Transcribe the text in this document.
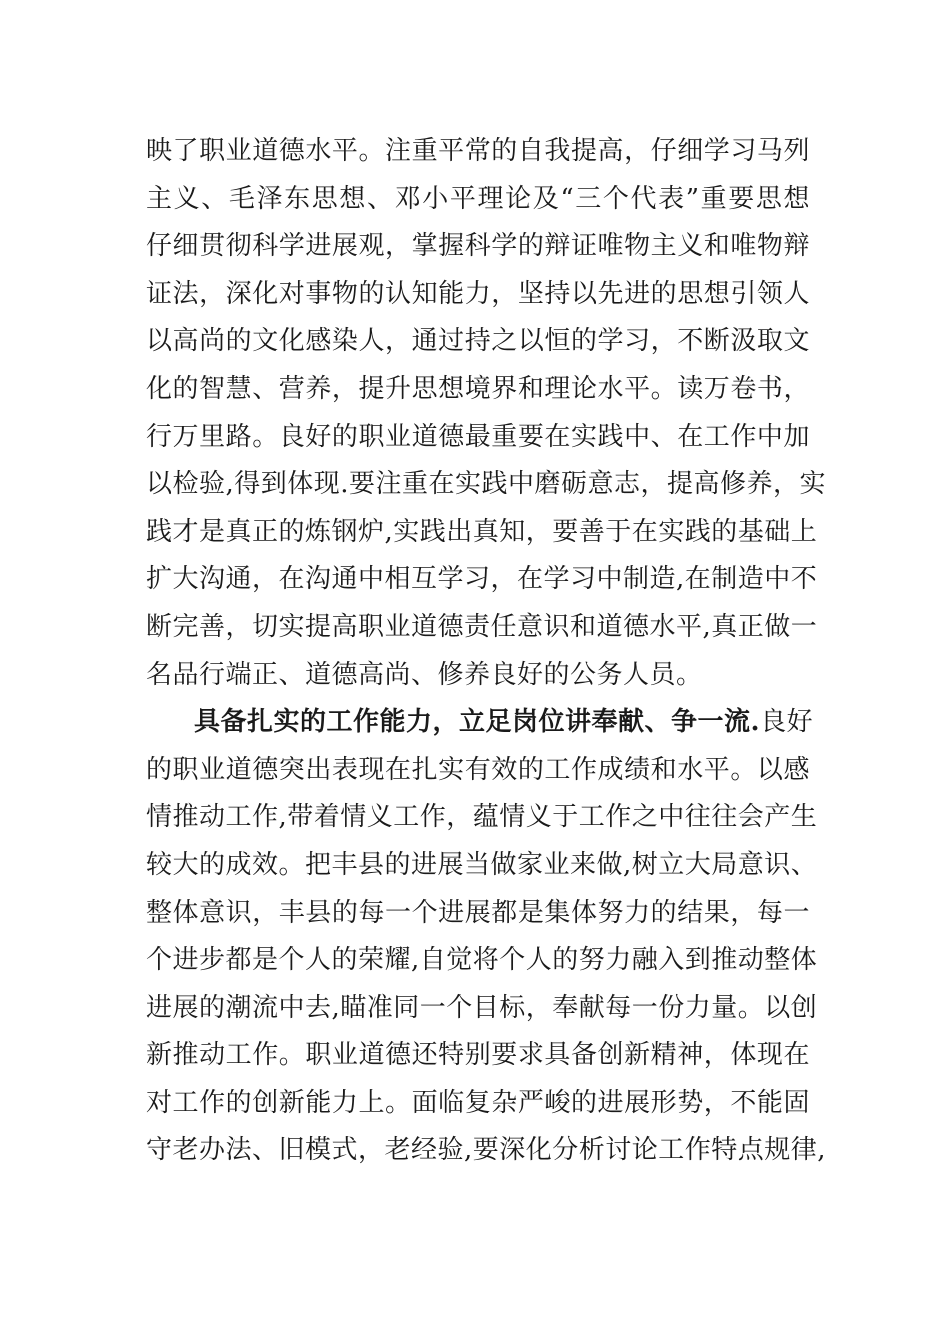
映了职业道德水平。注重平常的自我提高，仔细学习马列
主义、毛泽东思想、邓小平理论及“三个代表”重要思想
仔细贯彻科学进展观，掌握科学的辩证唯物主义和唯物辩
证法，深化对事物的认知能力，坚持以先进的思想引领人
以高尚的文化感染人，通过持之以恒的学习，不断汲取文
化的智慧、营养，提升思想境界和理论水平。读万卷书，
行万里路。良好的职业道德最重要在实践中、在工作中加
以检验,得到体现.要注重在实践中磨砺意志，提高修养，实
践才是真正的炼钢炉,实践出真知，要善于在实践的基础上
扩大沟通，在沟通中相互学习，在学习中制造,在制造中不
断完善，切实提高职业道德责任意识和道德水平,真正做一
名品行端正、道德高尚、修养良好的公务人员。
具备扎实的工作能力，立足岗位讲奉献、争一流.良好
的职业道德突出表现在扎实有效的工作成绩和水平。以感
情推动工作,带着情义工作，蕴情义于工作之中往往会产生
较大的成效。把丰县的进展当做家业来做,树立大局意识、
整体意识，丰县的每一个进展都是集体努力的结果，每一
个进步都是个人的荣耀,自觉将个人的努力融入到推动整体
进展的潮流中去,瞄准同一个目标，奉献每一份力量。以创
新推动工作。职业道德还特别要求具备创新精神，体现在
对工作的创新能力上。面临复杂严峻的进展形势，不能固
守老办法、旧模式，老经验,要深化分析讨论工作特点规律,
